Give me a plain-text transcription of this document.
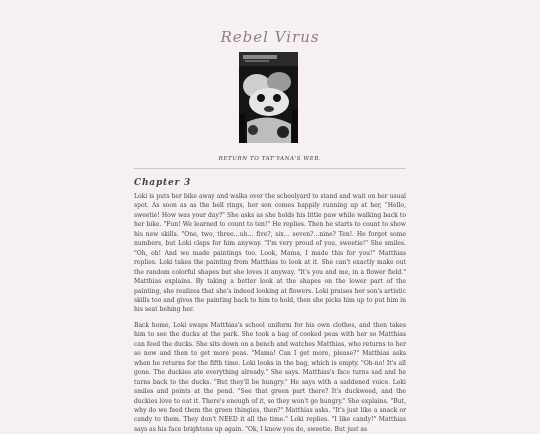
Rebel Virus
RETURN TO TAT'YANA'S WEB.
Chapter 3

Loki is puts her bike away and walks over the schoolyard to stand and wait on her usual spot. As soon as as the bell rings, her son comes happily running up at her, "Hello, sweetie! How was your day?" She asks as she holds his little paw while walking back to her bike. "Fun! We learned to count to ten!" He replies. Then he starts to count to show his new skills. "One, two, three…uh… five?, six… seven?…nine? Ten!. He forgot some numbers, but Loki claps for him anyway. "I'm very proud of you, sweetie!" She smiles. "Oh, oh! And we made paintings too. Look, Mama, I made this for you!" Matthias replies. Loki takes the painting from Matthias to look at it. She can't exactly make out the random colorful shapes but she loves it anyway. "It's you and me, in a flower field." Matthias explains. By taking a better look at the shapes on the lower part of the painting, she realizes that she's indeed looking at flowers. Loki praises her son's artistic skills too and gives the painting back to him to hold, then she picks him up to put him in his seat behing her.

Back home, Loki swaps Matthias's school uniform for his own clothes, and then takes him to see the ducks at the park. She took a bag of cooked peas with her so Matthias can feed the ducks. She sits down on a bench and watches Matthias, who returns to her so now and then to get more peas. "Mama! Can I get more, please?" Matthias asks when he returns for the fifth time. Loki looks in the bag, which is empty. "Oh-no! It's all gone. The duckies ate everything already." She says. Matthias's face turns sad and he turns back to the ducks. "But they'll be hungry." He says with a saddened voice. Loki smiles and points at the pond. "See that green part there? It's duckweed, and the duckies love to eat it. There's enough of it, so they won't go hungry." She explains. "But, why do we feed them the green thingies, then?" Matthias asks. "It's just like a snack or candy to them. They don't NEED it all the time." Loki replies. "I like candy!" Matthias says as his face brightens up again. "Ok, I know you do, sweetie. But just as
